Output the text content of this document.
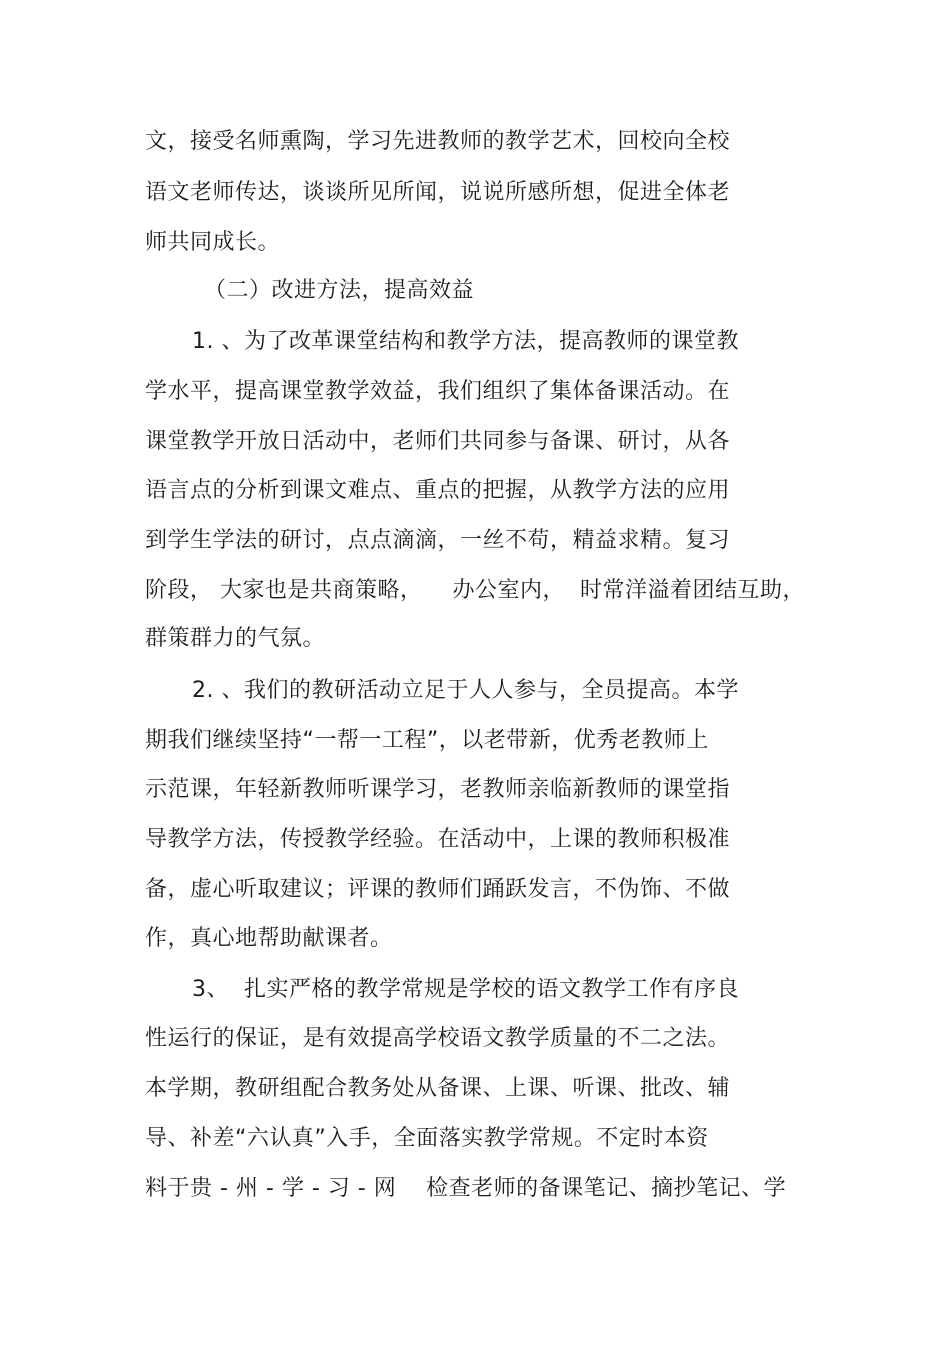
文，接受名师熏陶，学习先进教师的教学艺术，回校向全校
语文老师传达，谈谈所见所闻，说说所感所想，促进全体老
师共同成长。
（二）改进方法，提高效益
1. 、为了改革课堂结构和教学方法，提高教师的课堂教
学水平，提高课堂教学效益，我们组织了集体备课活动。在
课堂教学开放日活动中，老师们共同参与备课、研讨，从各
语言点的分析到课文难点、重点的把握，从教学方法的应用
到学生学法的研讨，点点滴滴，一丝不苟，精益求精。复习
阶段， 大家也是共商策略，    办公室内，  时常洋溢着团结互助，
群策群力的气氛。
2. 、我们的教研活动立足于人人参与，全员提高。本学
期我们继续坚持“一帮一工程”，以老带新，优秀老教师上
示范课，年轻新教师听课学习，老教师亲临新教师的课堂指
导教学方法，传授教学经验。在活动中，上课的教师积极准
备，虚心听取建议；评课的教师们踊跃发言，不伪饰、不做
作，真心地帮助献课者。
3、  扎实严格的教学常规是学校的语文教学工作有序良
性运行的保证，是有效提高学校语文教学质量的不二之法。
本学期，教研组配合教务处从备课、上课、听课、批改、辅
导、补差“六认真”入手，全面落实教学常规。不定时本资
料于贵 - 州 - 学 - 习 - 网    检查老师的备课笔记、摘抄笔记、学
